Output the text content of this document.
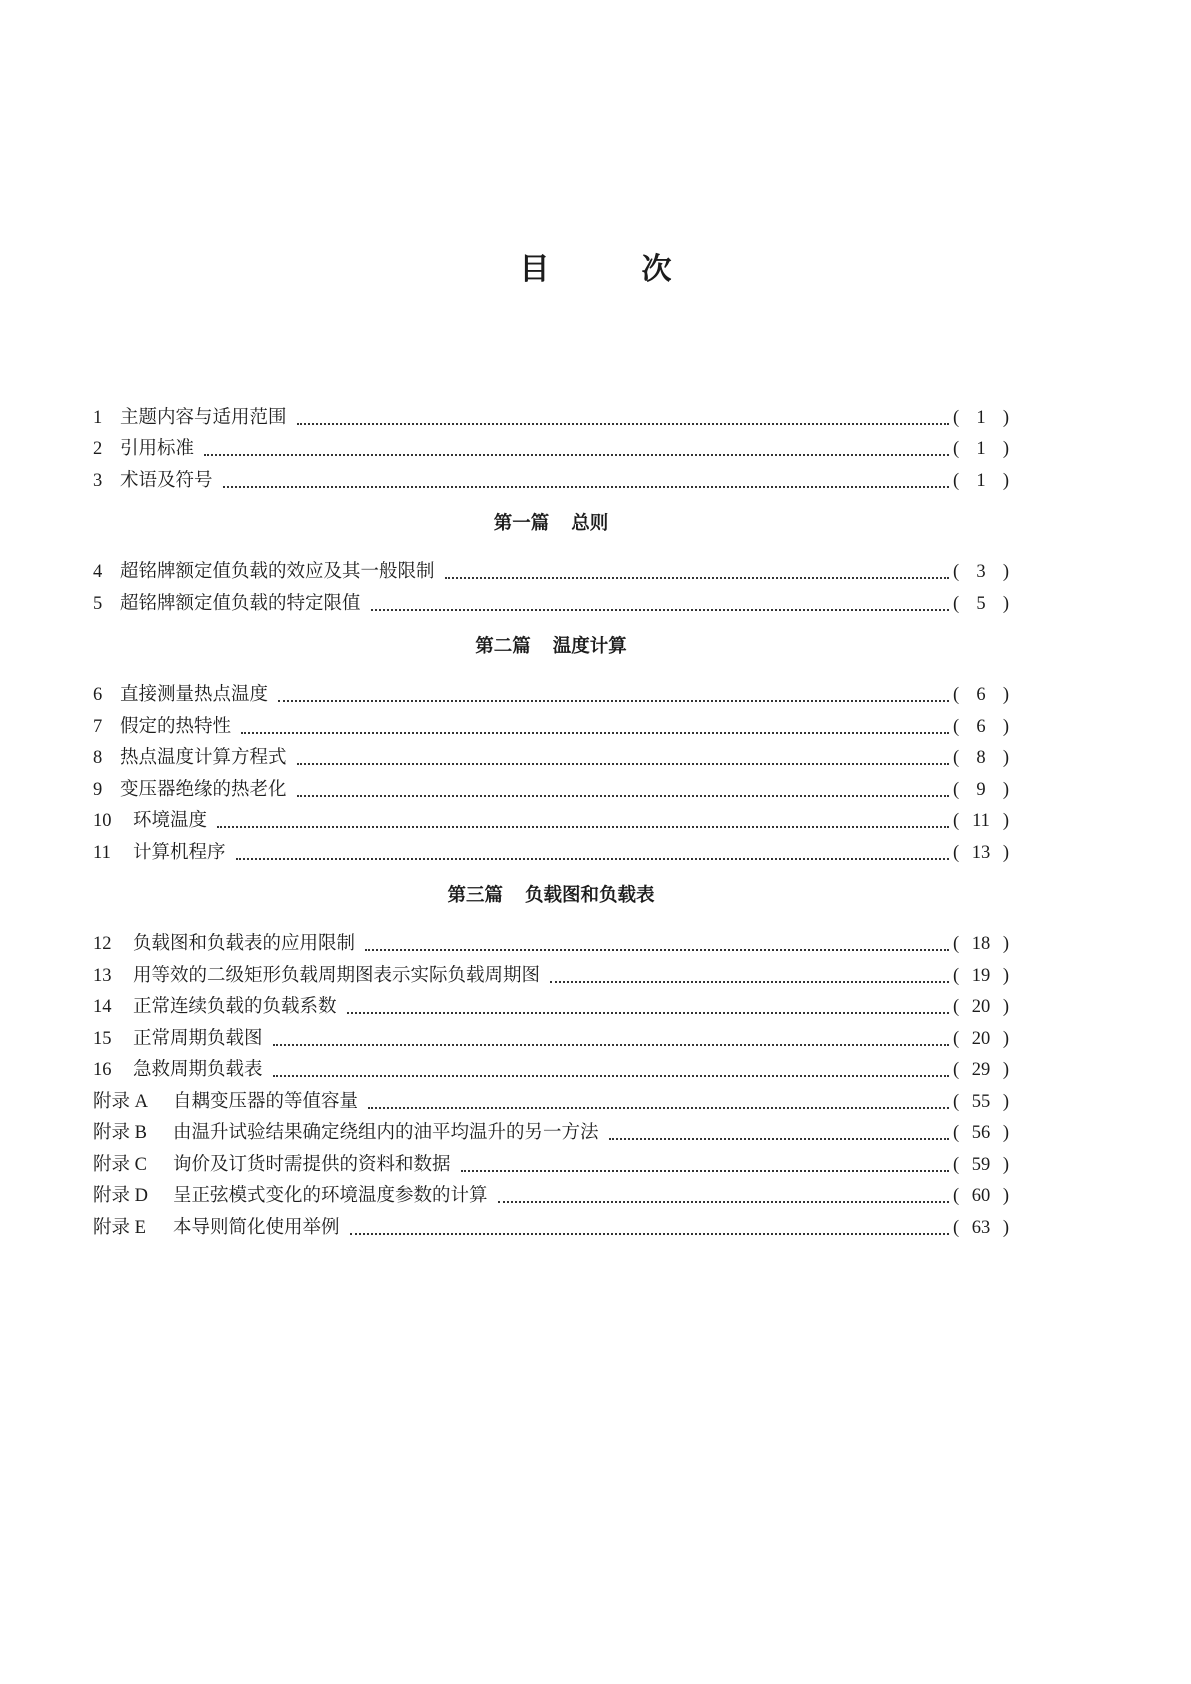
目	次
1 主题内容与适用范围	( 1 )
2 引用标准	( 1 )
3 术语及符号	( 1 )
第一篇 总则
4 超铭牌额定值负载的效应及其一般限制	( 3 )
5 超铭牌额定值负载的特定限值	( 5 )
第二篇 温度计算
6 直接测量热点温度	( 6 )
7 假定的热特性	( 6 )
8 热点温度计算方程式	( 8 )
9 变压器绝缘的热老化	( 9 )
10	环境温度	( 11 )
11	计算机程序	( 13 )
第三篇 负载图和负载表
12	负载图和负载表的应用限制	( 18 )
13	用等效的二级矩形负载周期图表示实际负载周期图	( 19 )
14	正常连续负载的负载系数	( 20 )
15	正常周期负载图	( 20 )
16	急救周期负载表	( 29 )
附录 A	自耦变压器的等值容量	( 55 )
附录 B	由温升试验结果确定绕组内的油平均温升的另一方法	( 56 )
附录 C	询价及订货时需提供的资料和数据	( 59 )
附录 D	呈正弦模式变化的环境温度参数的计算	( 60 )
附录 E	本导则简化使用举例	( 63 )
